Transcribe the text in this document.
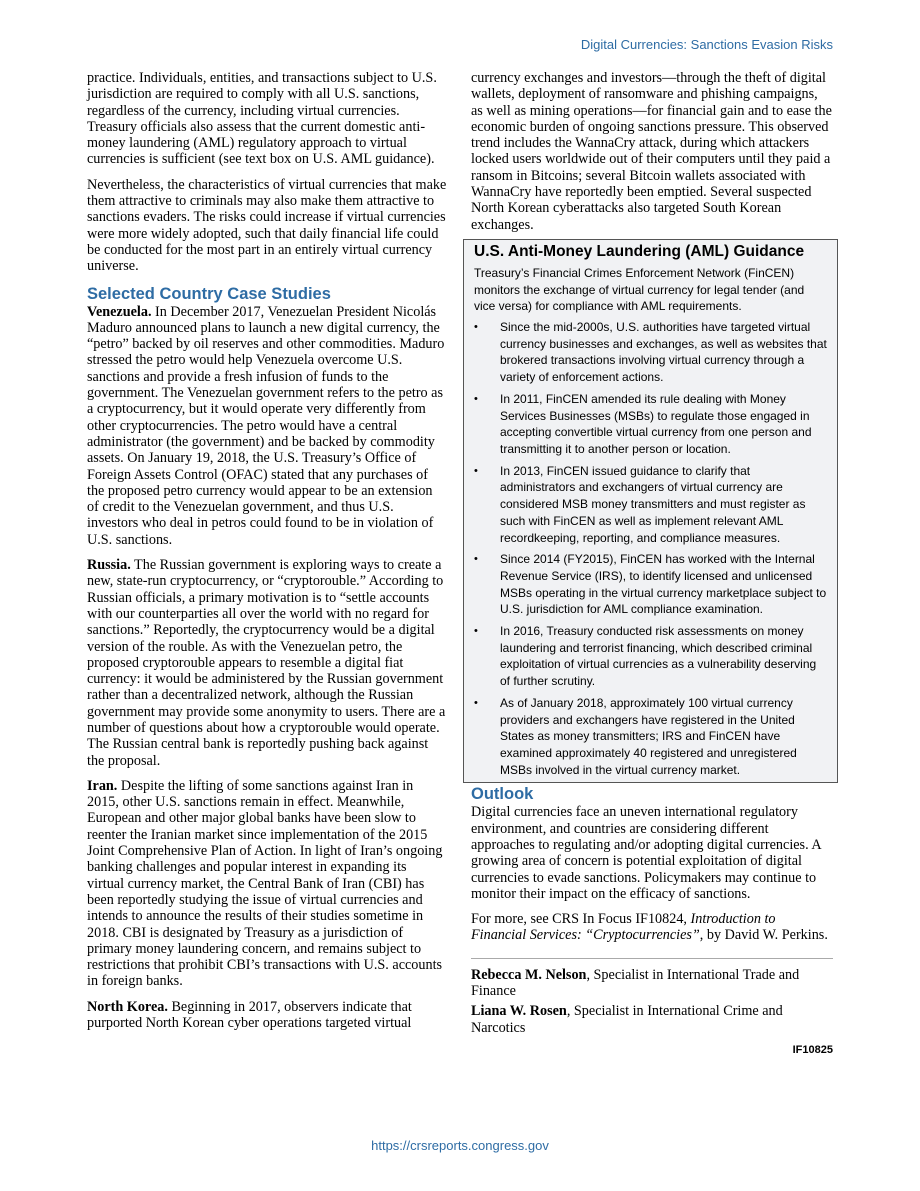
Digital Currencies: Sanctions Evasion Risks

practice. Individuals, entities, and transactions subject to U.S. jurisdiction are required to comply with all U.S. sanctions, regardless of the currency, including virtual currencies. Treasury officials also assess that the current domestic anti-money laundering (AML) regulatory approach to virtual currencies is sufficient (see text box on U.S. AML guidance).

Nevertheless, the characteristics of virtual currencies that make them attractive to criminals may also make them attractive to sanctions evaders. The risks could increase if virtual currencies were more widely adopted, such that daily financial life could be conducted for the most part in an entirely virtual currency universe.

Selected Country Case Studies

Venezuela. In December 2017, Venezuelan President Nicolás Maduro announced plans to launch a new digital currency, the “petro” backed by oil reserves and other commodities. Maduro stressed the petro would help Venezuela overcome U.S. sanctions and provide a fresh infusion of funds to the government. The Venezuelan government refers to the petro as a cryptocurrency, but it would operate very differently from other cryptocurrencies. The petro would have a central administrator (the government) and be backed by commodity assets. On January 19, 2018, the U.S. Treasury’s Office of Foreign Assets Control (OFAC) stated that any purchases of the proposed petro currency would appear to be an extension of credit to the Venezuelan government, and thus U.S. investors who deal in petros could found to be in violation of U.S. sanctions.

Russia. The Russian government is exploring ways to create a new, state-run cryptocurrency, or “cryptorouble.” According to Russian officials, a primary motivation is to “settle accounts with our counterparties all over the world with no regard for sanctions.” Reportedly, the cryptocurrency would be a digital version of the rouble. As with the Venezuelan petro, the proposed cryptorouble appears to resemble a digital fiat currency: it would be administered by the Russian government rather than a decentralized network, although the Russian government may provide some anonymity to users. There are a number of questions about how a cryptorouble would operate. The Russian central bank is reportedly pushing back against the proposal.

Iran. Despite the lifting of some sanctions against Iran in 2015, other U.S. sanctions remain in effect. Meanwhile, European and other major global banks have been slow to reenter the Iranian market since implementation of the 2015 Joint Comprehensive Plan of Action. In light of Iran’s ongoing banking challenges and popular interest in expanding its virtual currency market, the Central Bank of Iran (CBI) has been reportedly studying the issue of virtual currencies and intends to announce the results of their studies sometime in 2018. CBI is designated by Treasury as a jurisdiction of primary money laundering concern, and remains subject to restrictions that prohibit CBI’s transactions with U.S. accounts in foreign banks.

North Korea. Beginning in 2017, observers indicate that purported North Korean cyber operations targeted virtual

currency exchanges and investors—through the theft of digital wallets, deployment of ransomware and phishing campaigns, as well as mining operations—for financial gain and to ease the economic burden of ongoing sanctions pressure. This observed trend includes the WannaCry attack, during which attackers locked users worldwide out of their computers until they paid a ransom in Bitcoins; several Bitcoin wallets associated with WannaCry have reportedly been emptied. Several suspected North Korean cyberattacks also targeted South Korean exchanges.

U.S. Anti-Money Laundering (AML) Guidance
Treasury’s Financial Crimes Enforcement Network (FinCEN) monitors the exchange of virtual currency for legal tender (and vice versa) for compliance with AML requirements.
• Since the mid-2000s, U.S. authorities have targeted virtual currency businesses and exchanges, as well as websites that brokered transactions involving virtual currency through a variety of enforcement actions.
• In 2011, FinCEN amended its rule dealing with Money Services Businesses (MSBs) to regulate those engaged in accepting convertible virtual currency from one person and transmitting it to another person or location.
• In 2013, FinCEN issued guidance to clarify that administrators and exchangers of virtual currency are considered MSB money transmitters and must register as such with FinCEN as well as implement relevant AML recordkeeping, reporting, and compliance measures.
• Since 2014 (FY2015), FinCEN has worked with the Internal Revenue Service (IRS), to identify licensed and unlicensed MSBs operating in the virtual currency marketplace subject to U.S. jurisdiction for AML compliance examination.
• In 2016, Treasury conducted risk assessments on money laundering and terrorist financing, which described criminal exploitation of virtual currencies as a vulnerability deserving of further scrutiny.
• As of January 2018, approximately 100 virtual currency providers and exchangers have registered in the United States as money transmitters; IRS and FinCEN have examined approximately 40 registered and unregistered MSBs involved in the virtual currency market.
Outlook

Digital currencies face an uneven international regulatory environment, and countries are considering different approaches to regulating and/or adopting digital currencies. A growing area of concern is potential exploitation of digital currencies to evade sanctions. Policymakers may continue to monitor their impact on the efficacy of sanctions.

For more, see CRS In Focus IF10824, Introduction to Financial Services: “Cryptocurrencies”, by David W. Perkins.

Rebecca M. Nelson, Specialist in International Trade and Finance

Liana W. Rosen, Specialist in International Crime and Narcotics

IF10825
https://crsreports.congress.gov
